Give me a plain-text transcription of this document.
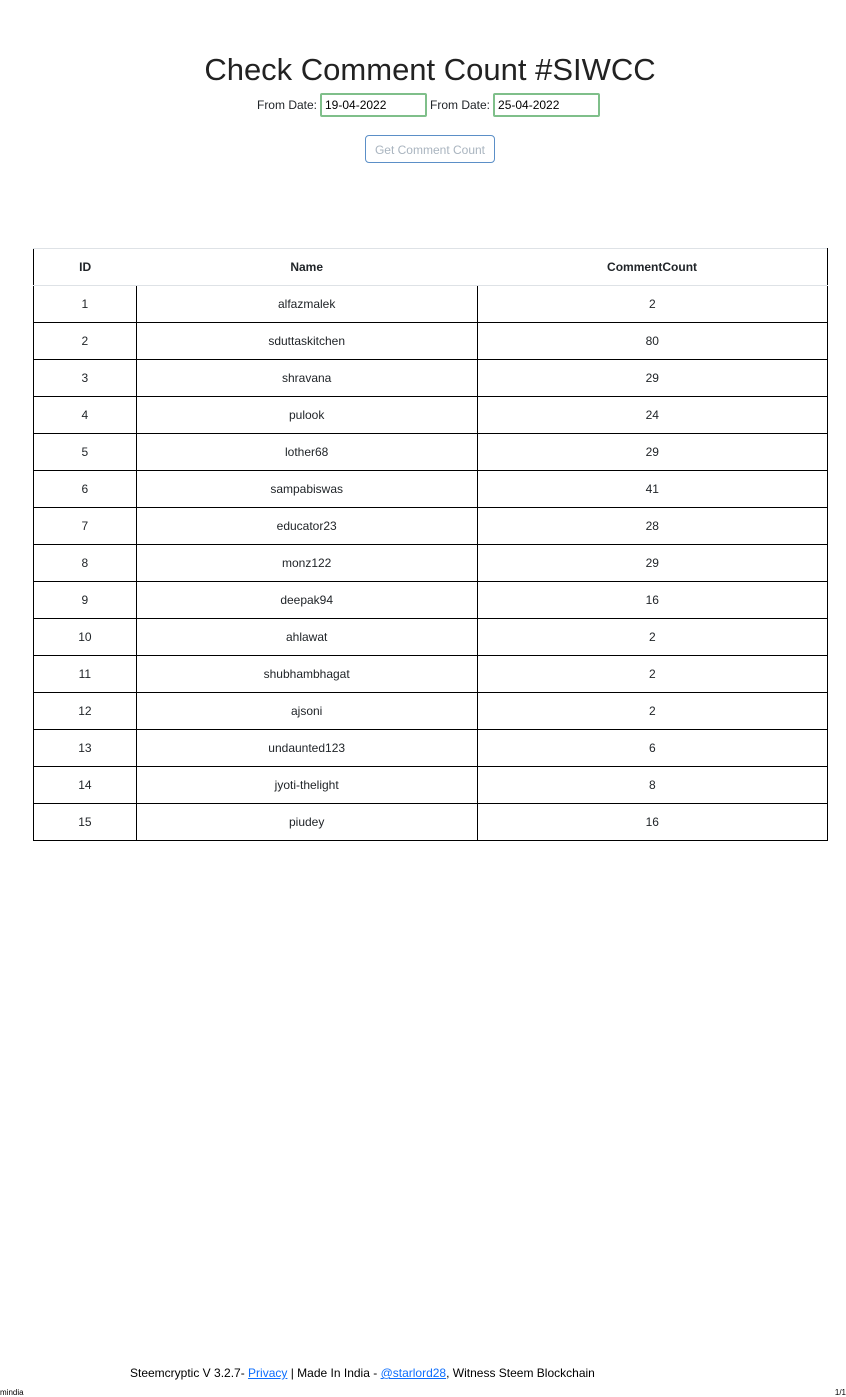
Check Comment Count #SIWCC
From Date:
19-04-2022	From Date:
25-04-2022
Get Comment Count
ID	Name	CommentCount
1	alfazmalek	2
2	sduttaskitchen	80
3	shravana	29
4	pulook	24
5	lother68	29
6	sampabiswas	41
7	educator23	28
8	monz122	29
9	deepak94	16
10	ahlawat	2
11	shubhambhagat	2
12	ajsoni	2
13	undaunted123	6
14	jyoti-thelight	8
15	piudey	16
Steemcryptic V 3.2.7- Privacy | Made In India - @starlord28, Witness Steem Blockchain
mindia	1/1
